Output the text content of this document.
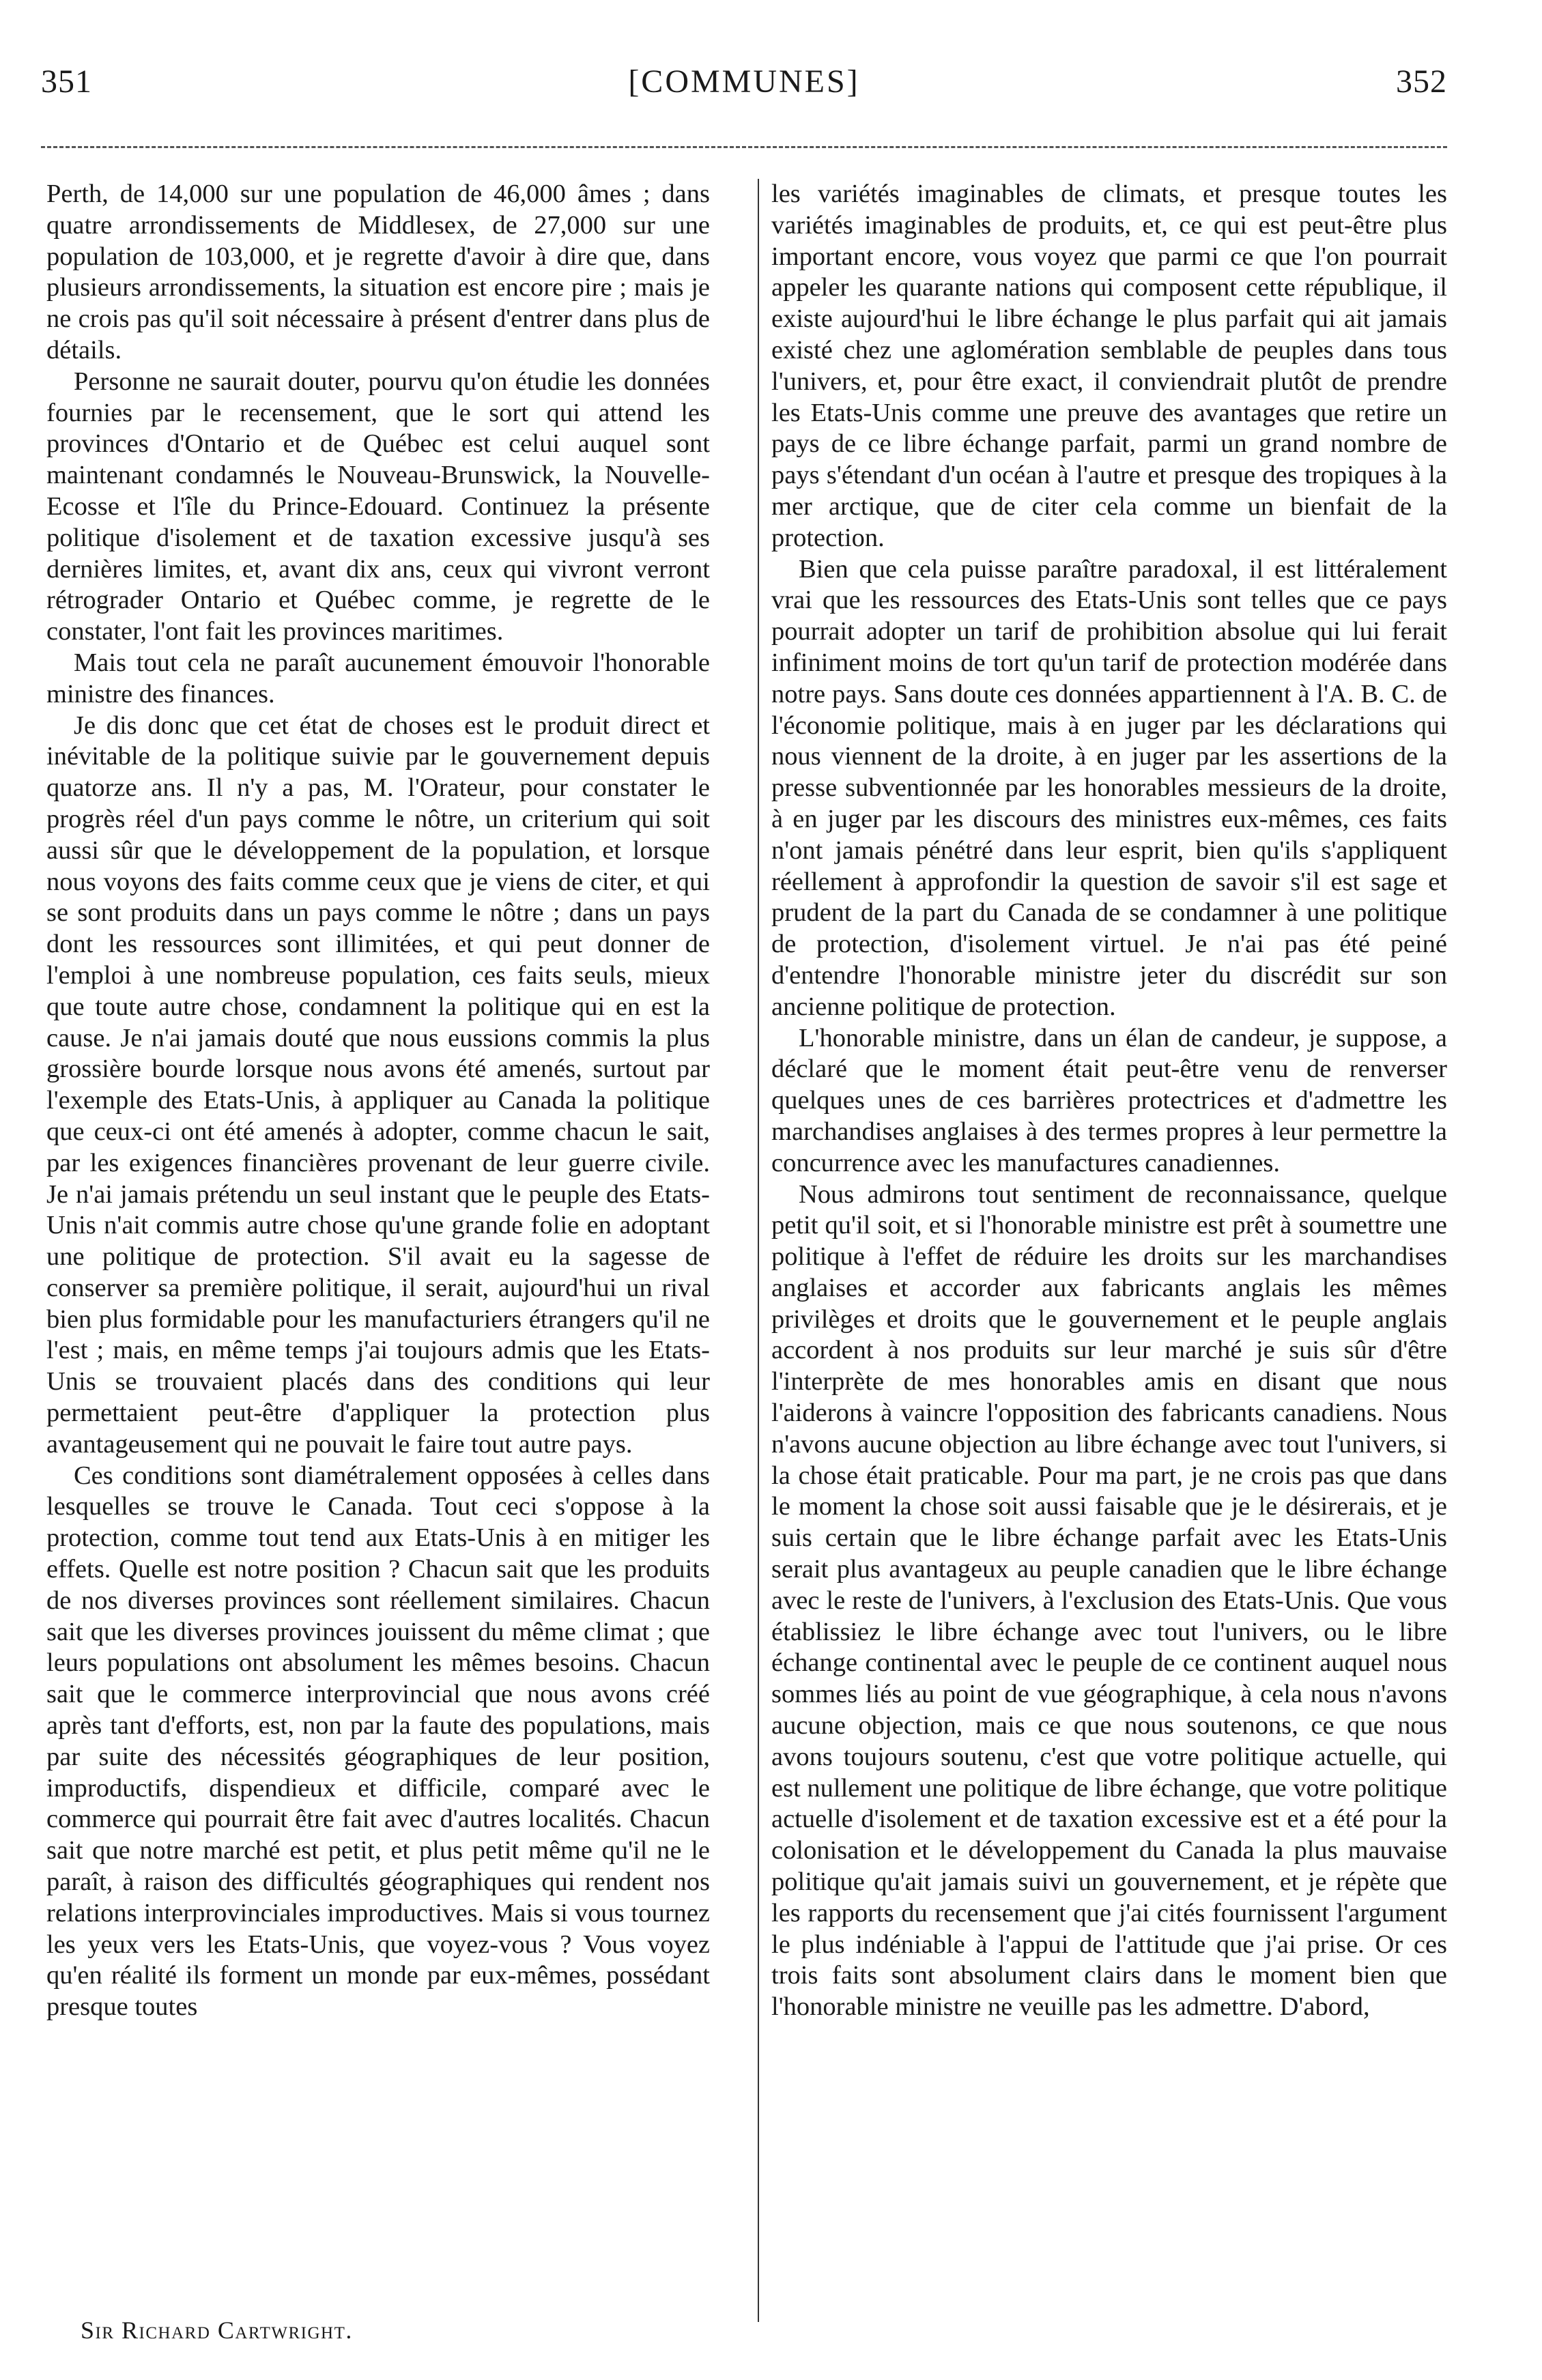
351	[COMMUNES]	352

Perth, de 14,000 sur une population de 46,000 âmes ; dans quatre arrondissements de Middlesex, de 27,000 sur une population de 103,000, et je regrette d'avoir à dire que, dans plusieurs arrondissements, la situation est encore pire ; mais je ne crois pas qu'il soit nécessaire à présent d'entrer dans plus de détails.

Personne ne saurait douter, pourvu qu'on étudie les données fournies par le recensement, que le sort qui attend les provinces d'Ontario et de Québec est celui auquel sont maintenant condamnés le Nouveau-Brunswick, la Nouvelle-Ecosse et l'île du Prince-Edouard. Continuez la présente politique d'isolement et de taxation excessive jusqu'à ses dernières limites, et, avant dix ans, ceux qui vivront verront rétrograder Ontario et Québec comme, je regrette de le constater, l'ont fait les provinces maritimes.

Mais tout cela ne paraît aucunement émouvoir l'honorable ministre des finances.

Je dis donc que cet état de choses est le produit direct et inévitable de la politique suivie par le gouvernement depuis quatorze ans. Il n'y a pas, M. l'Orateur, pour constater le progrès réel d'un pays comme le nôtre, un criterium qui soit aussi sûr que le développement de la population, et lorsque nous voyons des faits comme ceux que je viens de citer, et qui se sont produits dans un pays comme le nôtre ; dans un pays dont les ressources sont illimitées, et qui peut donner de l'emploi à une nombreuse population, ces faits seuls, mieux que toute autre chose, condamnent la politique qui en est la cause. Je n'ai jamais douté que nous eussions commis la plus grossière bourde lorsque nous avons été amenés, surtout par l'exemple des Etats-Unis, à appliquer au Canada la politique que ceux-ci ont été amenés à adopter, comme chacun le sait, par les exigences financières provenant de leur guerre civile. Je n'ai jamais prétendu un seul instant que le peuple des Etats-Unis n'ait commis autre chose qu'une grande folie en adoptant une politique de protection. S'il avait eu la sagesse de conserver sa première politique, il serait, aujourd'hui un rival bien plus formidable pour les manufacturiers étrangers qu'il ne l'est ; mais, en même temps j'ai toujours admis que les Etats-Unis se trouvaient placés dans des conditions qui leur permettaient peut-être d'appliquer la protection plus avantageusement qui ne pouvait le faire tout autre pays.

Ces conditions sont diamétralement opposées à celles dans lesquelles se trouve le Canada. Tout ceci s'oppose à la protection, comme tout tend aux Etats-Unis à en mitiger les effets. Quelle est notre position ? Chacun sait que les produits de nos diverses provinces sont réellement similaires. Chacun sait que les diverses provinces jouissent du même climat ; que leurs populations ont absolument les mêmes besoins. Chacun sait que le commerce interprovincial que nous avons créé après tant d'efforts, est, non par la faute des populations, mais par suite des nécessités géographiques de leur position, improductifs, dispendieux et difficile, comparé avec le commerce qui pourrait être fait avec d'autres localités. Chacun sait que notre marché est petit, et plus petit même qu'il ne le paraît, à raison des difficultés géographiques qui rendent nos relations interprovinciales improductives. Mais si vous tournez les yeux vers les Etats-Unis, que voyez-vous ? Vous voyez qu'en réalité ils forment un monde par eux-mêmes, possédant presque toutes

les variétés imaginables de climats, et presque toutes les variétés imaginables de produits, et, ce qui est peut-être plus important encore, vous voyez que parmi ce que l'on pourrait appeler les quarante nations qui composent cette république, il existe aujourd'hui le libre échange le plus parfait qui ait jamais existé chez une aglomération semblable de peuples dans tous l'univers, et, pour être exact, il conviendrait plutôt de prendre les Etats-Unis comme une preuve des avantages que retire un pays de ce libre échange parfait, parmi un grand nombre de pays s'étendant d'un océan à l'autre et presque des tropiques à la mer arctique, que de citer cela comme un bienfait de la protection.

Bien que cela puisse paraître paradoxal, il est littéralement vrai que les ressources des Etats-Unis sont telles que ce pays pourrait adopter un tarif de prohibition absolue qui lui ferait infiniment moins de tort qu'un tarif de protection modérée dans notre pays. Sans doute ces données appartiennent à l'A. B. C. de l'économie politique, mais à en juger par les déclarations qui nous viennent de la droite, à en juger par les assertions de la presse subventionnée par les honorables messieurs de la droite, à en juger par les discours des ministres eux-mêmes, ces faits n'ont jamais pénétré dans leur esprit, bien qu'ils s'appliquent réellement à approfondir la question de savoir s'il est sage et prudent de la part du Canada de se condamner à une politique de protection, d'isolement virtuel. Je n'ai pas été peiné d'entendre l'honorable ministre jeter du discrédit sur son ancienne politique de protection.

L'honorable ministre, dans un élan de candeur, je suppose, a déclaré que le moment était peut-être venu de renverser quelques unes de ces barrières protectrices et d'admettre les marchandises anglaises à des termes propres à leur permettre la concurrence avec les manufactures canadiennes.

Nous admirons tout sentiment de reconnaissance, quelque petit qu'il soit, et si l'honorable ministre est prêt à soumettre une politique à l'effet de réduire les droits sur les marchandises anglaises et accorder aux fabricants anglais les mêmes privilèges et droits que le gouvernement et le peuple anglais accordent à nos produits sur leur marché je suis sûr d'être l'interprète de mes honorables amis en disant que nous l'aiderons à vaincre l'opposition des fabricants canadiens. Nous n'avons aucune objection au libre échange avec tout l'univers, si la chose était praticable. Pour ma part, je ne crois pas que dans le moment la chose soit aussi faisable que je le désirerais, et je suis certain que le libre échange parfait avec les Etats-Unis serait plus avantageux au peuple canadien que le libre échange avec le reste de l'univers, à l'exclusion des Etats-Unis. Que vous établissiez le libre échange avec tout l'univers, ou le libre échange continental avec le peuple de ce continent auquel nous sommes liés au point de vue géographique, à cela nous n'avons aucune objection, mais ce que nous soutenons, ce que nous avons toujours soutenu, c'est que votre politique actuelle, qui est nullement une politique de libre échange, que votre politique actuelle d'isolement et de taxation excessive est et a été pour la colonisation et le développement du Canada la plus mauvaise politique qu'ait jamais suivi un gouvernement, et je répète que les rapports du recensement que j'ai cités fournissent l'argument le plus indéniable à l'appui de l'attitude que j'ai prise. Or ces trois faits sont absolument clairs dans le moment bien que l'honorable ministre ne veuille pas les admettre. D'abord,

Sir Richard Cartwright.
